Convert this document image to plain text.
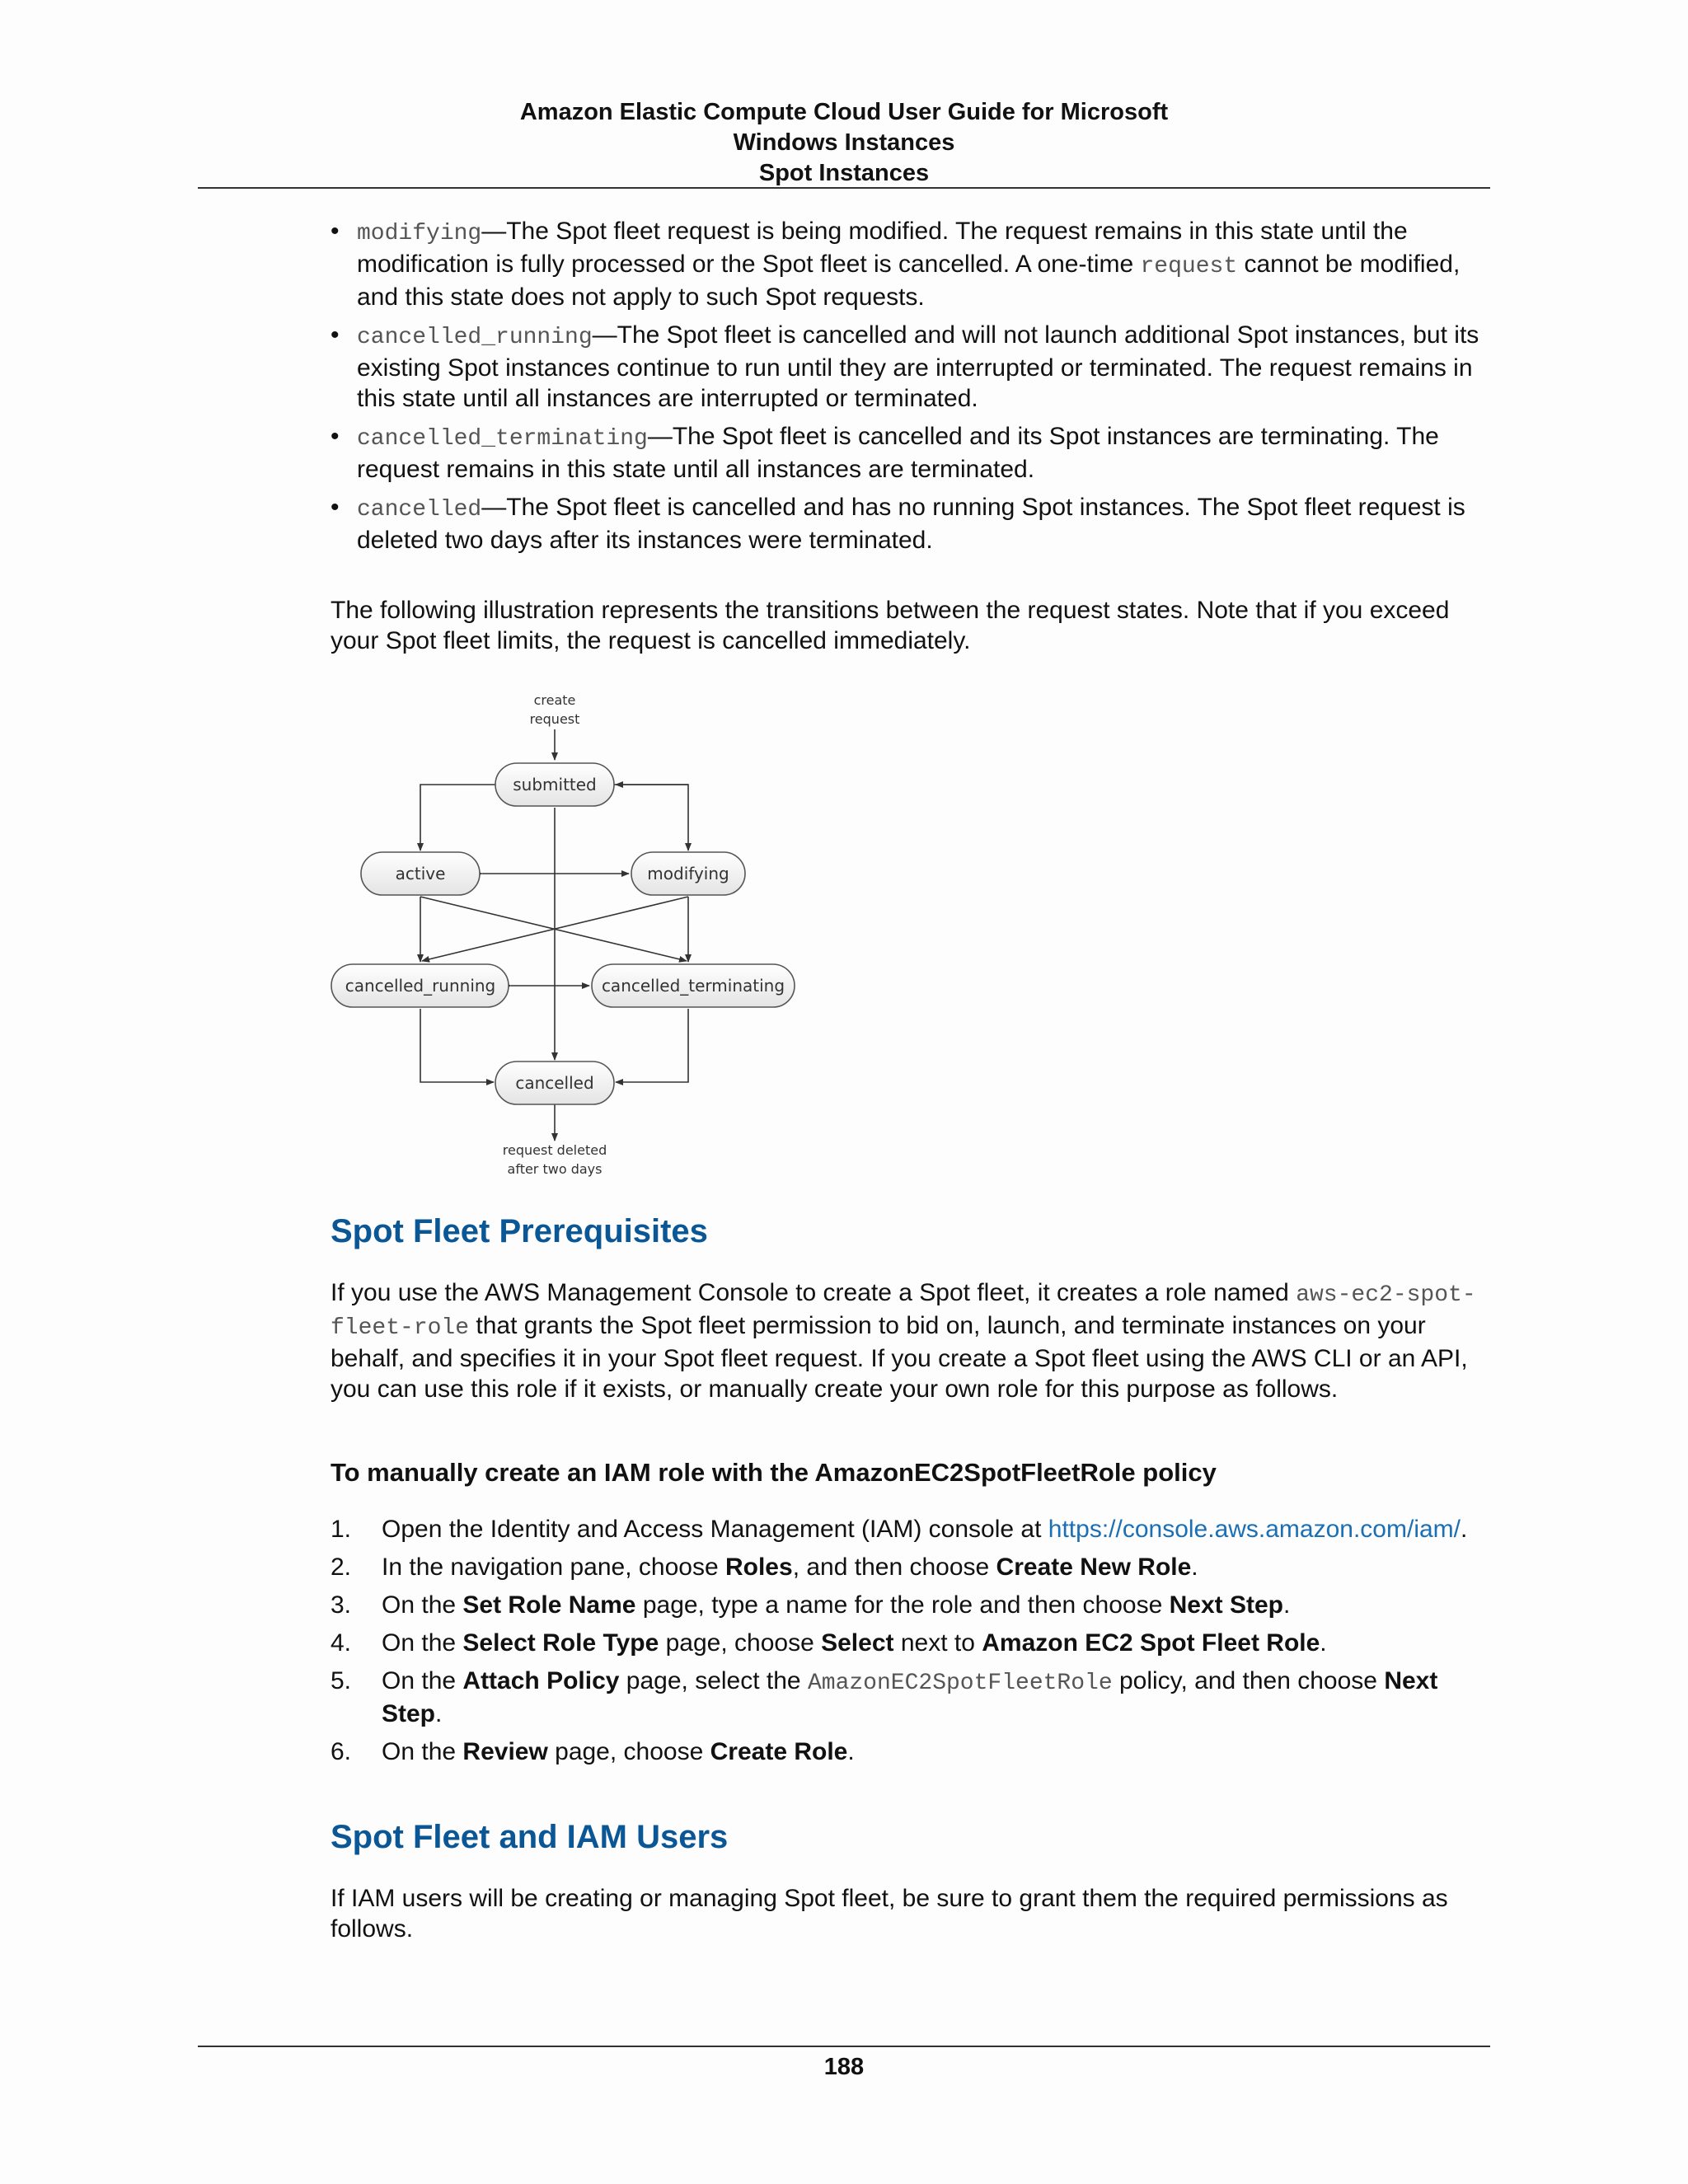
Amazon Elastic Compute Cloud User Guide for Microsoft
Windows Instances
Spot Instances
• modifying—The Spot fleet request is being modified. The request remains in this state until the modification is fully processed or the Spot fleet is cancelled. A one-time request cannot be modified, and this state does not apply to such Spot requests.
• cancelled_running—The Spot fleet is cancelled and will not launch additional Spot instances, but its existing Spot instances continue to run until they are interrupted or terminated. The request remains in this state until all instances are interrupted or terminated.
• cancelled_terminating—The Spot fleet is cancelled and its Spot instances are terminating. The request remains in this state until all instances are terminated.
• cancelled—The Spot fleet is cancelled and has no running Spot instances. The Spot fleet request is deleted two days after its instances were terminated.
The following illustration represents the transitions between the request states. Note that if you exceed your Spot fleet limits, the request is cancelled immediately.
create
request
submitted
active	modifying
cancelled_running	cancelled_terminating
cancelled
request deleted
after two days
Spot Fleet Prerequisites
If you use the AWS Management Console to create a Spot fleet, it creates a role named aws-ec2-spot-fleet-role that grants the Spot fleet permission to bid on, launch, and terminate instances on your behalf, and specifies it in your Spot fleet request. If you create a Spot fleet using the AWS CLI or an API, you can use this role if it exists, or manually create your own role for this purpose as follows.
To manually create an IAM role with the AmazonEC2SpotFleetRole policy
1. Open the Identity and Access Management (IAM) console at https://console.aws.amazon.com/iam/.
2. In the navigation pane, choose Roles, and then choose Create New Role.
3. On the Set Role Name page, type a name for the role and then choose Next Step.
4. On the Select Role Type page, choose Select next to Amazon EC2 Spot Fleet Role.
5. On the Attach Policy page, select the AmazonEC2SpotFleetRole policy, and then choose Next Step.
6. On the Review page, choose Create Role.
Spot Fleet and IAM Users
If IAM users will be creating or managing Spot fleet, be sure to grant them the required permissions as follows.
188
